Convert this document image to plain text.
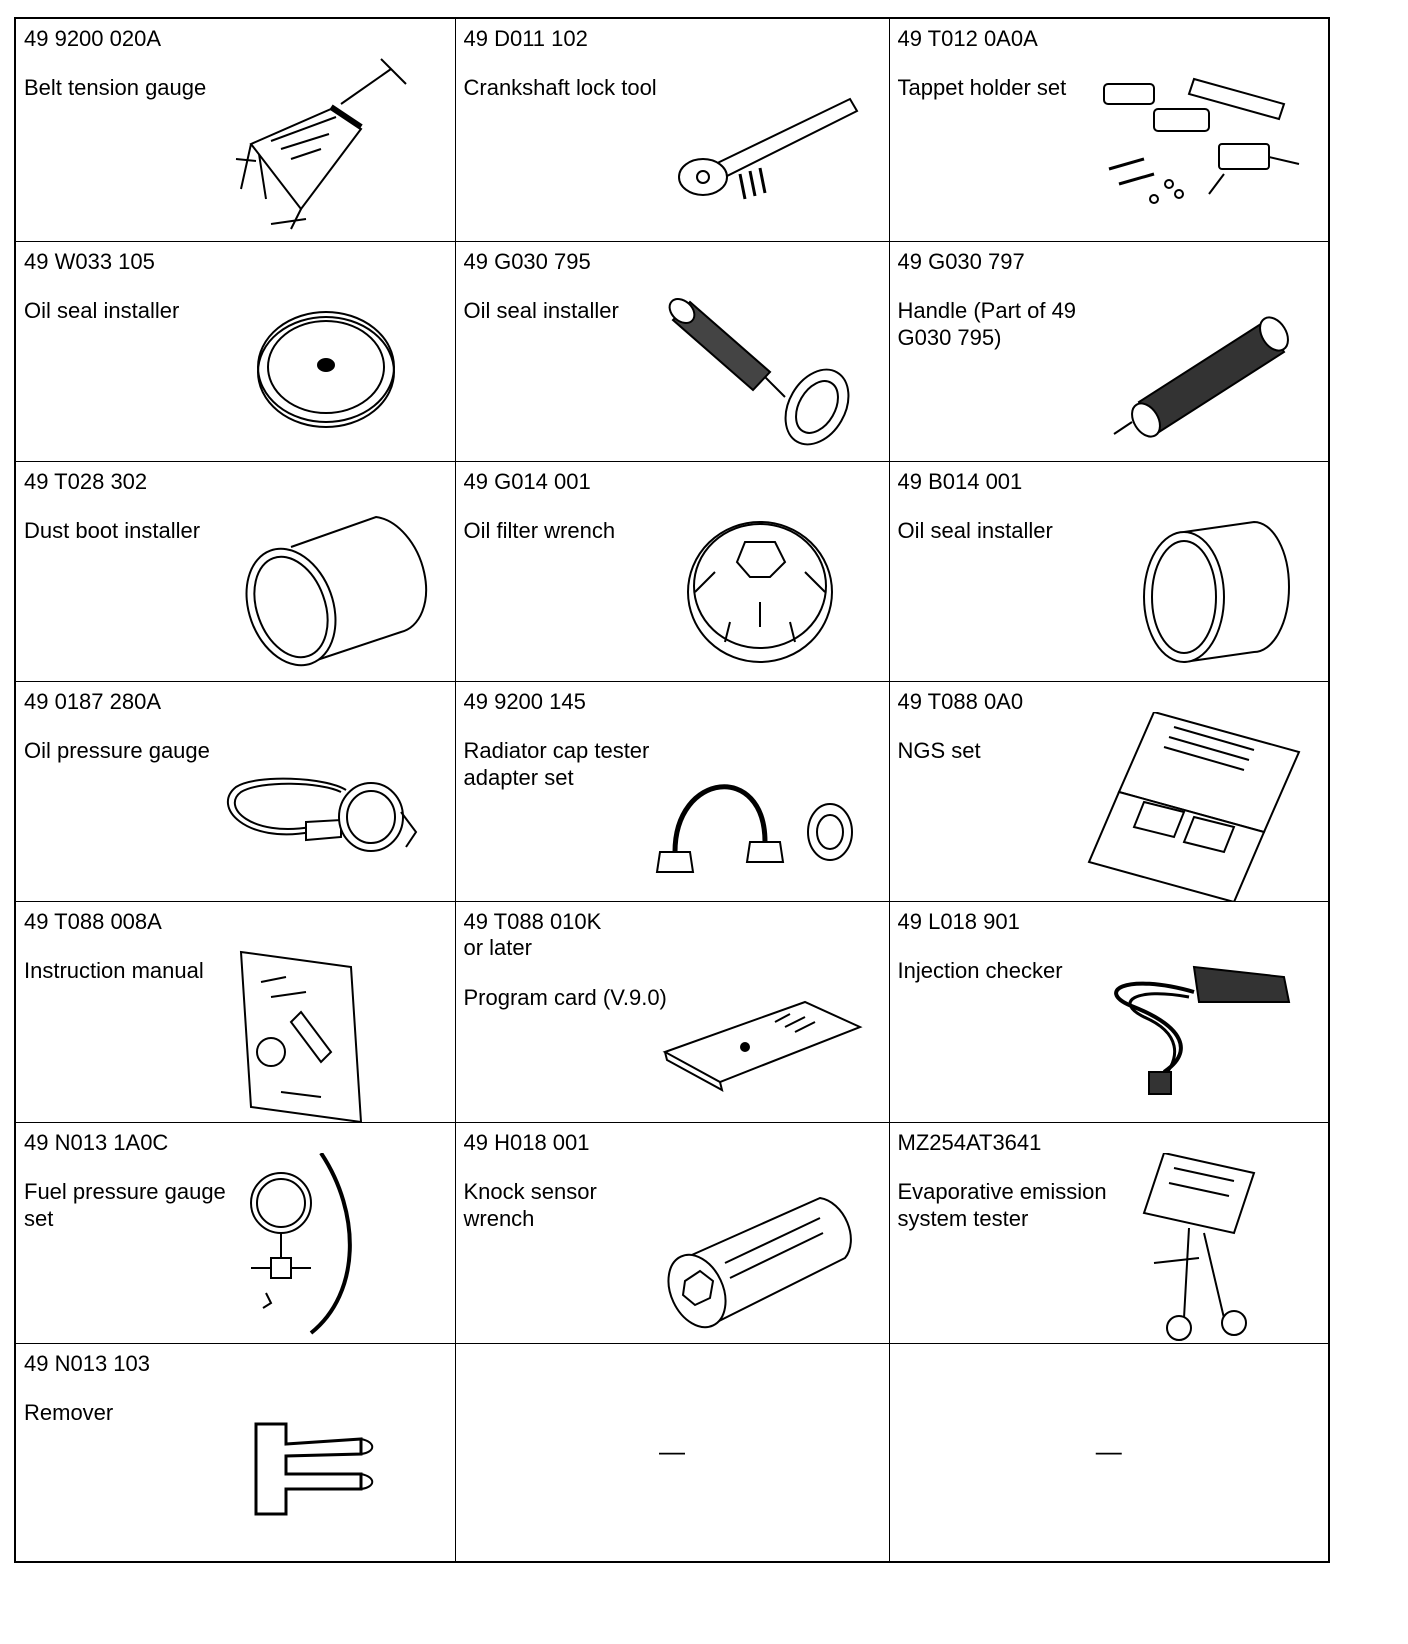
49 9200 020A
Belt tension gauge	49 D011 102
Crankshaft lock tool	49 T012 0A0A
Tappet holder set

49 W033 105
Oil seal installer	49 G030 795
Oil seal installer	49 G030 797
Handle (Part of 49 G030 795)

49 T028 302
Dust boot installer	49 G014 001
Oil filter wrench	49 B014 001
Oil seal installer

49 0187 280A
Oil pressure gauge	49 9200 145
Radiator cap tester adapter set	49 T088 0A0
NGS set

49 T088 008A
Instruction manual	49 T088 010K
or later
Program card (V.9.0)	49 L018 901
Injection checker

49 N013 1A0C
Fuel pressure gauge set	49 H018 001
Knock sensor wrench	MZ254AT3641
Evaporative emission system tester

49 N013 103
Remover	—	—
